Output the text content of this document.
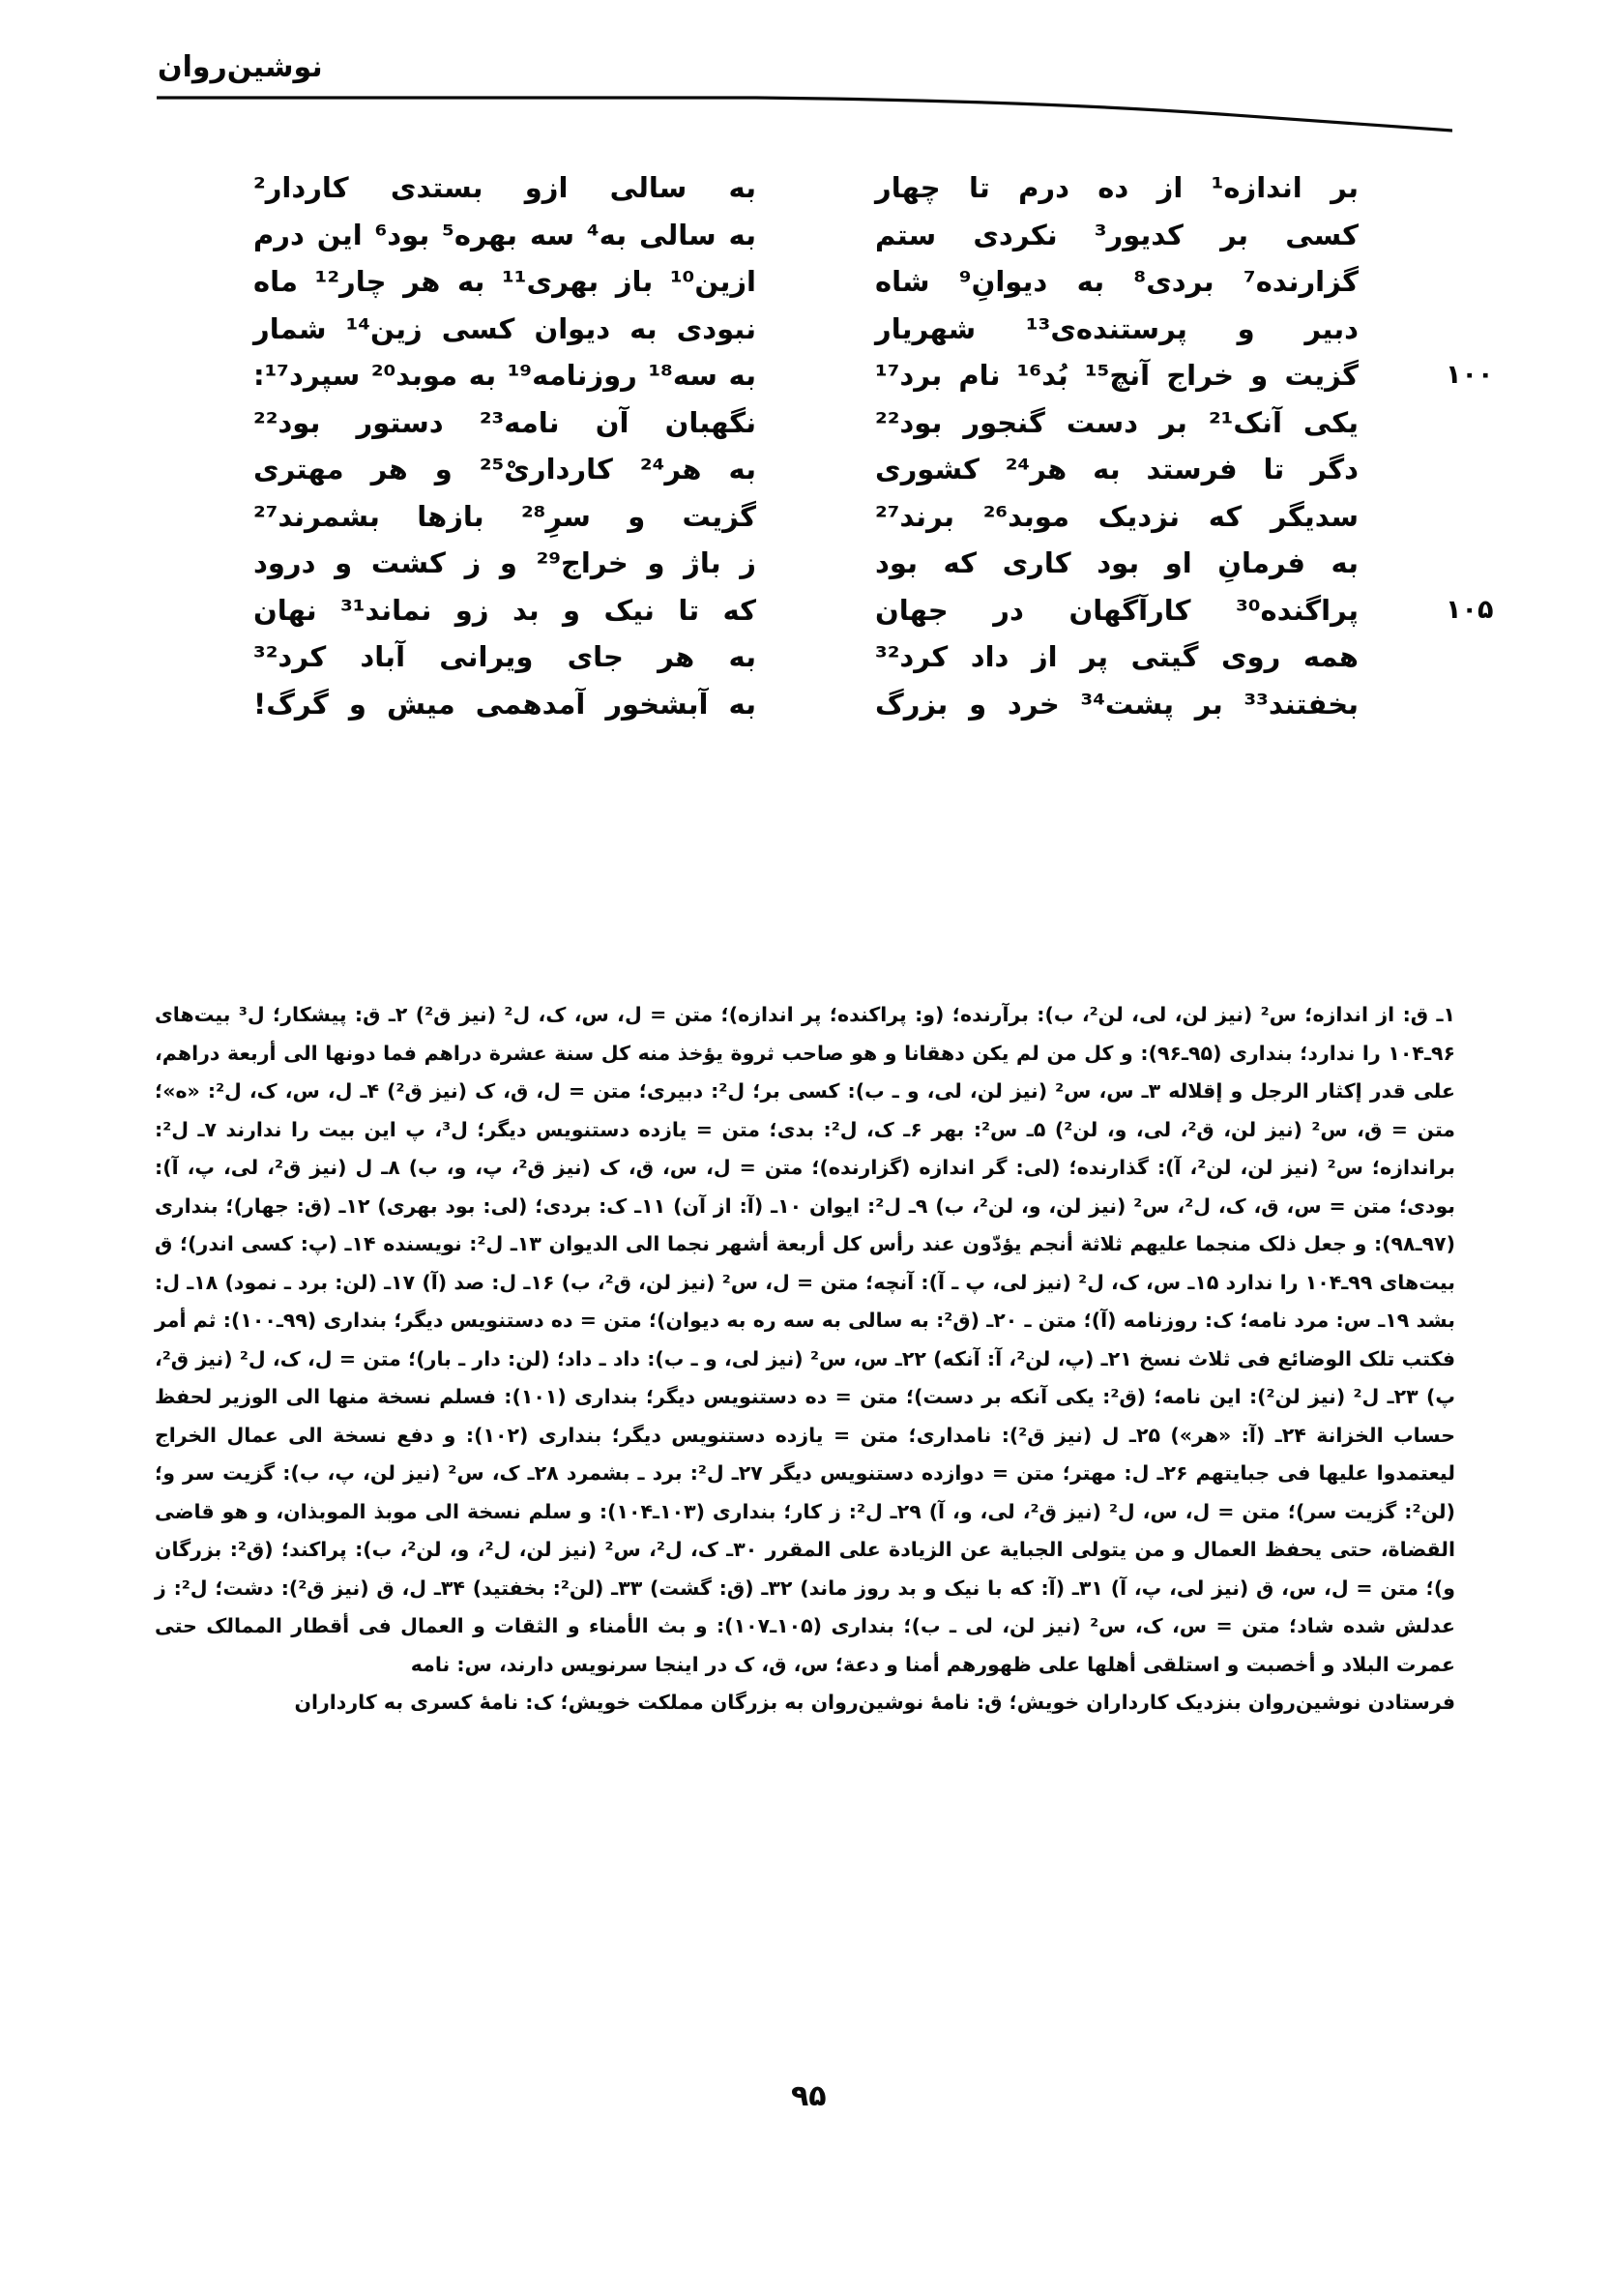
نوشین‌روان
بر اندازه¹ از ده درم تا چهار
کسی بر کدیور³ نکردی ستم
گزارنده⁷ بردی⁸ به دیوانِ⁹ شاه
دبیر و پرستنده‌ی¹³ شهریار
گزیت و خراج آنچ¹⁵ بُد¹⁶ نام برد¹⁷	۱۰۰
یکی آنک²¹ بر دست گنجور بود²²
دگر تا فرستد به هر²⁴ کشوری
سدیگر که نزدیک موبد²⁶ برند²⁷
به فرمانِ او بود کاری که بود
پراگنده³⁰ کارآگهان در جهان	۱۰۵
همه روی گیتی پر از داد کرد³²
بخفتند³³ بر پشت³⁴ خرد و بزرگ
به سالی ازو بستدی کاردار²
به سالی به⁴ سه بهره⁵ بود⁶ این درم
ازین¹⁰ باز بهری¹¹ به هر چار¹² ماه
نبودی به دیوان کسی زین¹⁴ شمار
به سه¹⁸ روزنامه¹⁹ به موبد²⁰ سپرد¹⁷:
نگهبان آن نامه²³ دستور بود²²
به هر²⁴ کارداریْ²⁵ و هر مهتری
گزیت و سرِ²⁸ بازها بشمرند²⁷
ز باژ و خراج²⁹ و ز کشت و درود
که تا نیک و بد زو نماند³¹ نهان
به هر جای ویرانی آباد کرد³²
به آبشخور آمدهمی میش و گرگ!

۱ـ ق: از اندازه؛ س² (نیز لن، لی، لن²، ب): برآرنده؛ (و: پراکنده؛ پر اندازه)؛ متن = ل، س، ک، ل² (نیز ق²) ۲ـ ق: پیشکار؛ ل³ بیت‌های ۹۶ـ۱۰۴ را ندارد؛ بنداری (۹۵ـ۹۶): و کل من لم یکن دهقانا و هو صاحب ثروة یؤخذ منه کل سنة عشرة دراهم فما دونها الی أربعة دراهم، علی قدر إکثار الرجل و إقلاله ۳ـ س، س² (نیز لن، لی، و ـ ب): کسی بر؛ ل²: دبیری؛ متن = ل، ق، ک (نیز ق²) ۴ـ ل، س، ک، ل²: «ه»؛ متن = ق، س² (نیز لن، ق²، لی، و، لن²) ۵ـ س²: بهر ۶ـ ک، ل²: بدی؛ متن = یازده دستنویس دیگر؛ ل³، پ این بیت را ندارند ۷ـ ل²: براندازه؛ س² (نیز لن، لن²، آ): گذارنده؛ (لی: گر اندازه (گزارنده)؛ متن = ل، س، ق، ک (نیز ق²، پ، و، ب) ۸ـ ل (نیز ق²، لی، پ، آ): بودی؛ متن = س، ق، ک، ل²، س² (نیز لن، و، لن²، ب) ۹ـ ل²: ایوان ۱۰ـ (آ: از آن) ۱۱ـ ک: بردی؛ (لی: بود بهری) ۱۲ـ (ق: جهار)؛ بنداری (۹۷ـ۹۸): و جعل ذلک منجما علیهم ثلاثة أنجم یؤدّون عند رأس کل أربعة أشهر نجما الی الدیوان ۱۳ـ ل²: نویسنده ۱۴ـ (پ: کسی اندر)؛ ق بیت‌های ۹۹ـ۱۰۴ را ندارد ۱۵ـ س، ک، ل² (نیز لی، پ ـ آ): آنچه؛ متن = ل، س² (نیز لن، ق²، ب) ۱۶ـ ل: صد (آ) ۱۷ـ (لن: برد ـ نمود) ۱۸ـ ل: بشد ۱۹ـ س: مرد نامه؛ ک: روزنامه (آ)؛ متن ـ ۲۰ـ (ق²: به سالی به سه ره به دیوان)؛ متن = ده دستنویس دیگر؛ بنداری (۹۹ـ۱۰۰): ثم أمر فکتب تلک الوضائع فی ثلاث نسخ ۲۱ـ (پ، لن²، آ: آنکه) ۲۲ـ س، س² (نیز لی، و ـ ب): داد ـ داد؛ (لن: دار ـ بار)؛ متن = ل، ک، ل² (نیز ق²، پ) ۲۳ـ ل² (نیز لن²): این نامه؛ (ق²: یکی آنکه بر دست)؛ متن = ده دستنویس دیگر؛ بنداری (۱۰۱): فسلم نسخة منها الی الوزیر لحفظ حساب الخزانة ۲۴ـ (آ: «هر») ۲۵ـ ل (نیز ق²): نامداری؛ متن = یازده دستنویس دیگر؛ بنداری (۱۰۲): و دفع نسخة الی عمال الخراج لیعتمدوا علیها فی جبایتهم ۲۶ـ ل: مهتر؛ متن = دوازده دستنویس دیگر ۲۷ـ ل²: برد ـ بشمرد ۲۸ـ ک، س² (نیز لن، پ، ب): گزیت سر و؛ (لن²: گزیت سر)؛ متن = ل، س، ل² (نیز ق²، لی، و، آ) ۲۹ـ ل²: ز کار؛ بنداری (۱۰۳ـ۱۰۴): و سلم نسخة الی موبذ الموبذان، و هو قاضی القضاة، حتی یحفظ العمال و من یتولی الجبایة عن الزیادة علی المقرر ۳۰ـ ک، ل²، س² (نیز لن، ل²، و، لن²، ب): پراکند؛ (ق²: بزرگان و)؛ متن = ل، س، ق (نیز لی، پ، آ) ۳۱ـ (آ: که با نیک و بد روز ماند) ۳۲ـ (ق: گشت) ۳۳ـ (لن²: بخفتید) ۳۴ـ ل، ق (نیز ق²): دشت؛ ل²: ز عدلش شده شاد؛ متن = س، ک، س² (نیز لن، لی ـ ب)؛ بنداری (۱۰۵ـ۱۰۷): و بث الأمناء و الثقات و العمال فی أقطار الممالک حتی عمرت البلاد و أخصبت و استلقی أهلها علی ظهورهم أمنا و دعة؛ س، ق، ک در اینجا سرنویس دارند، س: نامه

فرستادن نوشین‌روان بنزدیک کارداران خویش؛ ق: نامهٔ نوشین‌روان به بزرگان مملکت خویش؛ ک: نامهٔ کسری به کارداران

۹۵
